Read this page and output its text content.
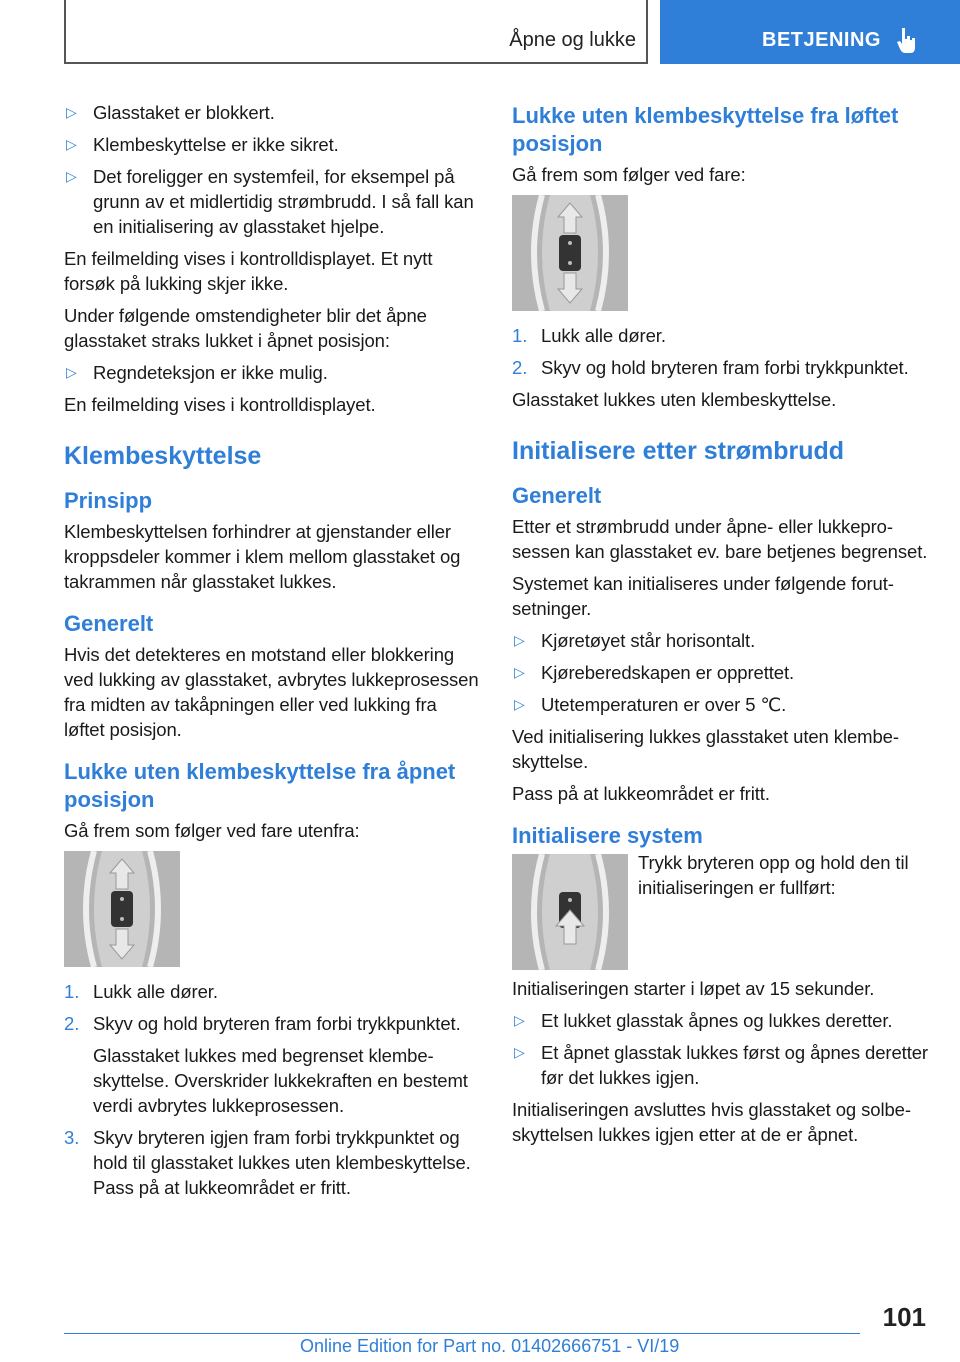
Åpne og lukke	BETJENING
▷ Glasstaket er blokkert.
▷ Klembeskyttelse er ikke sikret.
▷ Det foreligger en systemfeil, for eksempel på grunn av et midlertidig strømbrudd. I så fall kan en initialisering av glasstaket hjelpe.

En feilmelding vises i kontrolldisplayet. Et nytt forsøk på lukking skjer ikke.

Under følgende omstendigheter blir det åpne glasstaket straks lukket i åpnet posisjon:

▷ Regndeteksjon er ikke mulig.

En feilmelding vises i kontrolldisplayet.

Klembeskyttelse
Prinsipp

Klembeskyttelsen forhindrer at gjenstander eller kroppsdeler kommer i klem mellom glasstaket og takrammen når glasstaket lukkes.

Generelt

Hvis det detekteres en motstand eller blokkering ved lukking av glasstaket, avbrytes lukkeprosessen fra midten av takåpningen eller ved lukking fra løftet posisjon.

Lukke uten klembeskyttelse fra åpnet posisjon

Gå frem som følger ved fare utenfra:

1. Lukk alle dører.
2. Skyv og hold bryteren fram forbi trykkpunktet.
Glasstaket lukkes med begrenset klembeskyttelse. Overskrider lukkekraften en bestemt verdi avbrytes lukkeprosessen.
3. Skyv bryteren igjen fram forbi trykkpunktet og hold til glasstaket lukkes uten klembeskyttelse. Pass på at lukkeområdet er fritt.
Lukke uten klembeskyttelse fra løftet posisjon

Gå frem som følger ved fare:

1. Lukk alle dører.
2. Skyv og hold bryteren fram forbi trykkpunktet.

Glasstaket lukkes uten klembeskyttelse.

Initialisere etter strømbrudd
Generelt

Etter et strømbrudd under åpne- eller lukkeprosessen kan glasstaket ev. bare betjenes begrenset.

Systemet kan initialiseres under følgende forutsetninger.

▷ Kjøretøyet står horisontalt.
▷ Kjøreberedskapen er opprettet.
▷ Utetemperaturen er over 5 ℃.

Ved initialisering lukkes glasstaket uten klembeskyttelse.

Pass på at lukkeområdet er fritt.

Initialisere system

Trykk bryteren opp og hold den til initialiseringen er fullført:

Initialiseringen starter i løpet av 15 sekunder.

▷ Et lukket glasstak åpnes og lukkes deretter.
▷ Et åpnet glasstak lukkes først og åpnes deretter før det lukkes igjen.

Initialiseringen avsluttes hvis glasstaket og solbeskyttelsen lukkes igjen etter at de er åpnet.

101
Online Edition for Part no. 01402666751 - VI/19
